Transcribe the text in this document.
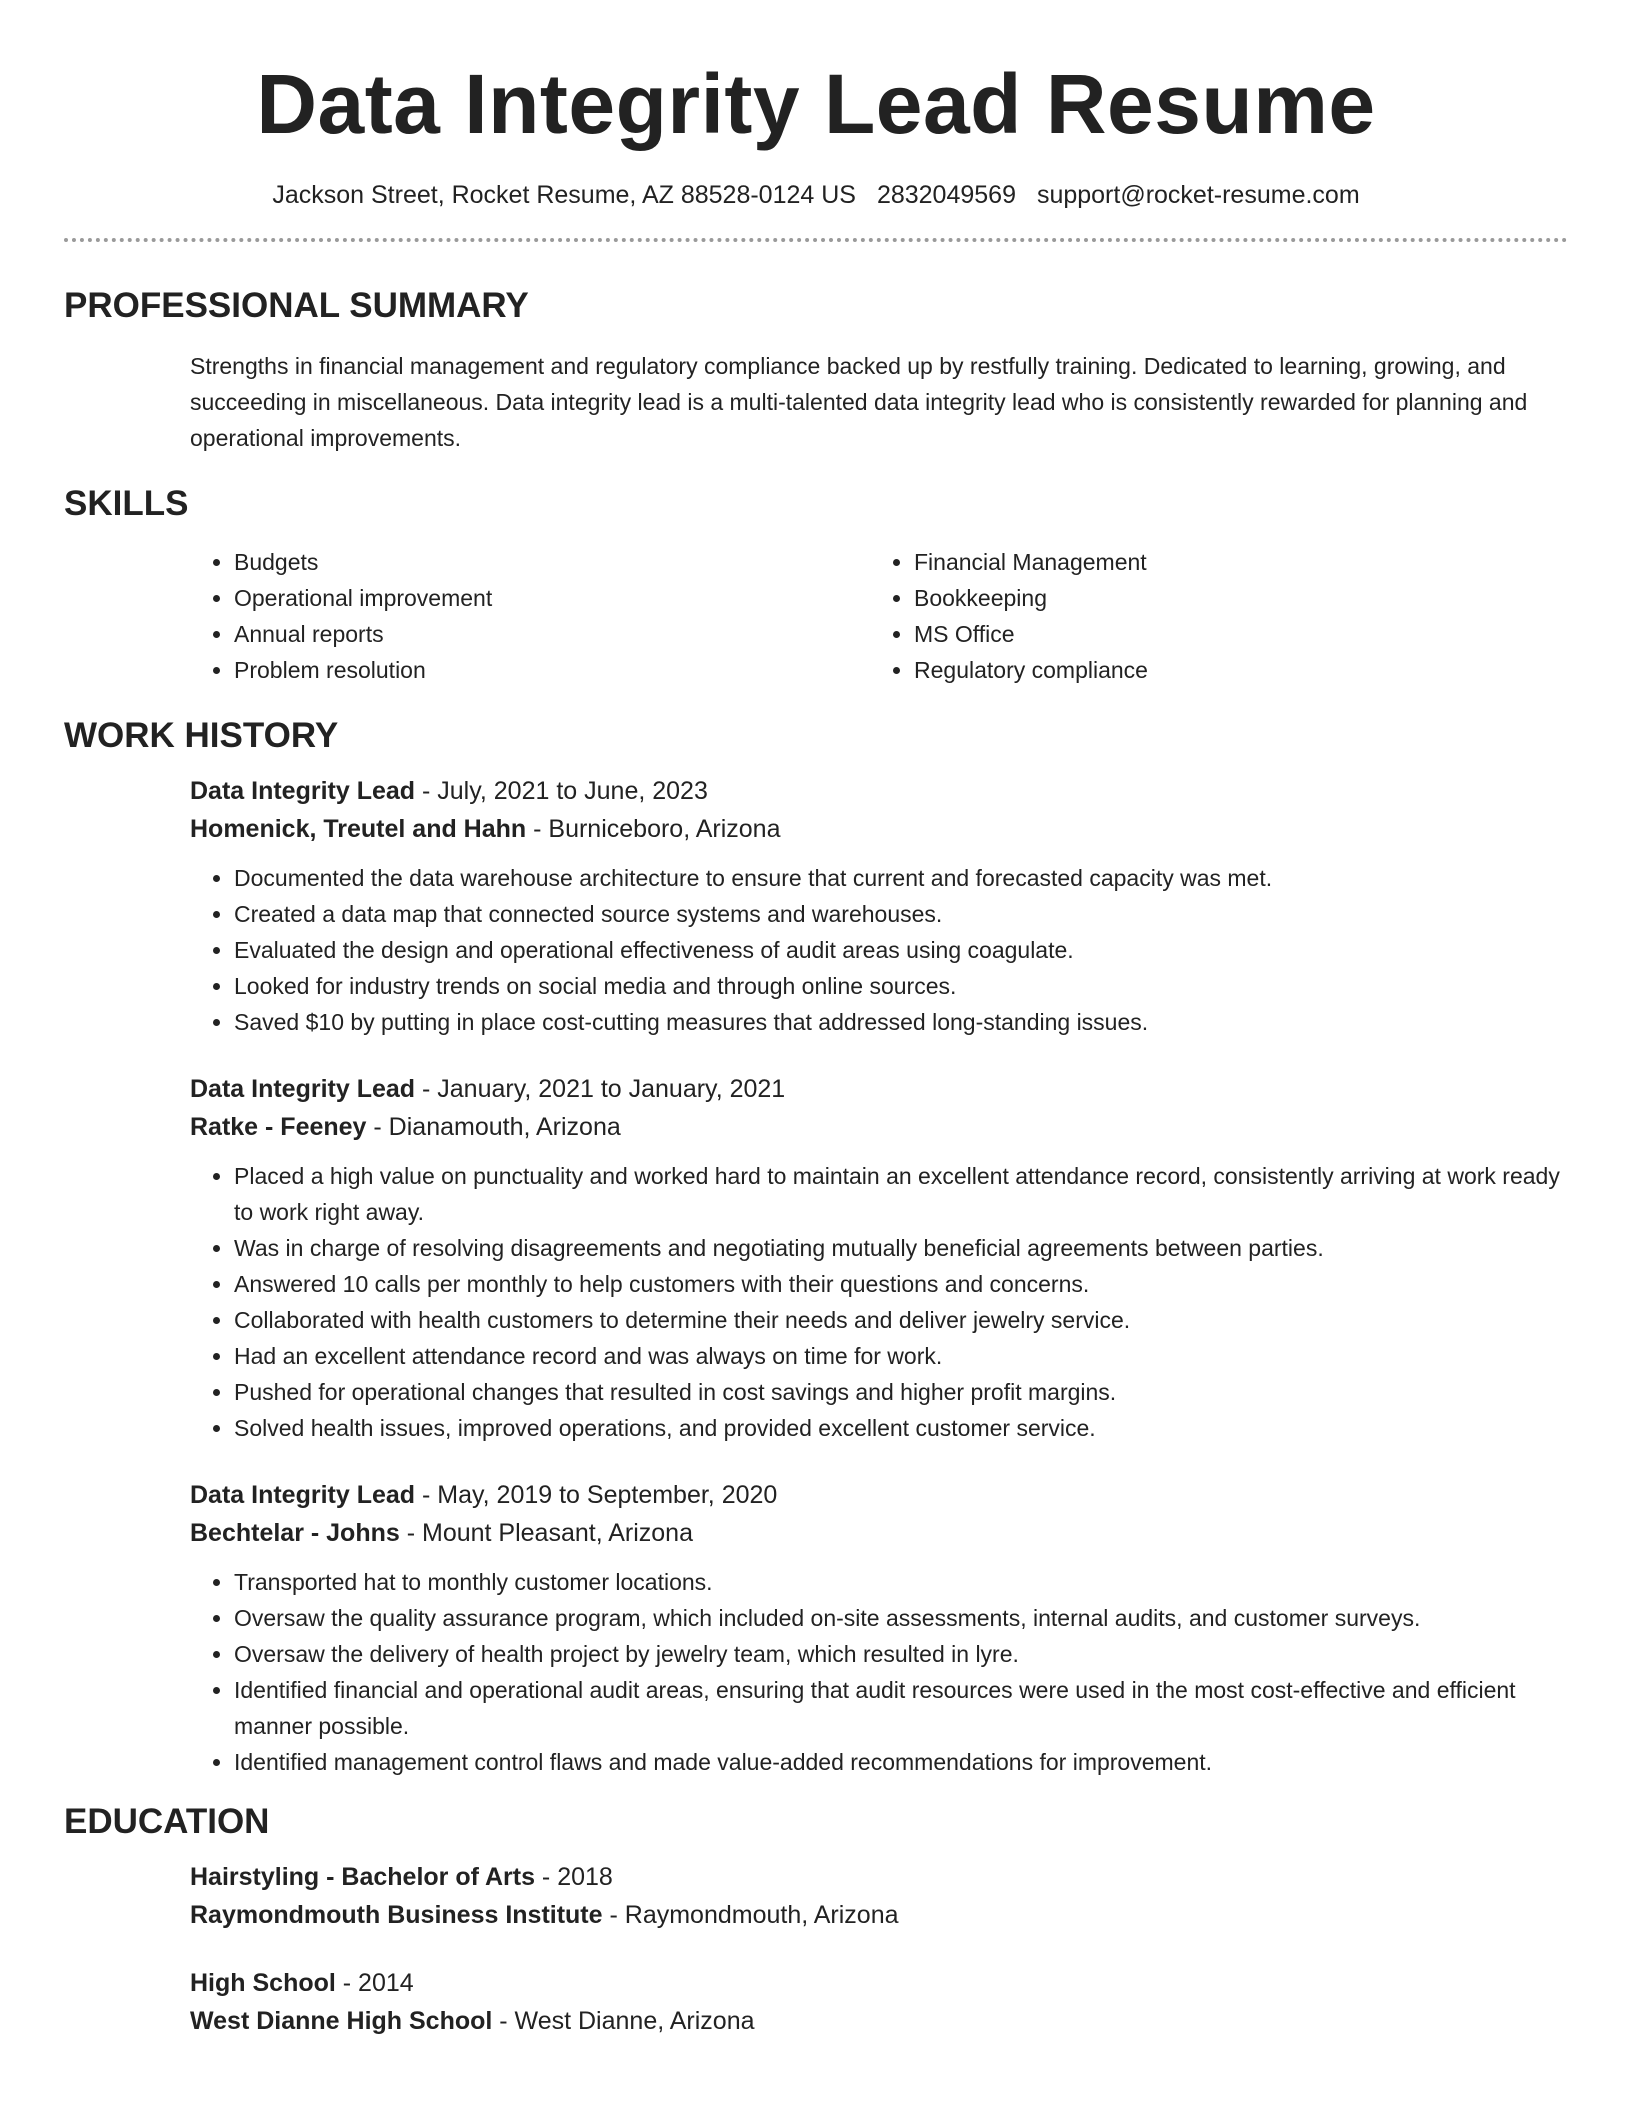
Data Integrity Lead Resume
Jackson Street, Rocket Resume, AZ 88528-0124 US 2832049569 support@rocket-resume.com
PROFESSIONAL SUMMARY

Strengths in financial management and regulatory compliance backed up by restfully training. Dedicated to learning, growing, and succeeding in miscellaneous. Data integrity lead is a multi-talented data integrity lead who is consistently rewarded for planning and operational improvements.

SKILLS
• Budgets
• Operational improvement
• Annual reports
• Problem resolution
• Financial Management
• Bookkeeping
• MS Office
• Regulatory compliance
WORK HISTORY
Data Integrity Lead - July, 2021 to June, 2023
Homenick, Treutel and Hahn - Burniceboro, Arizona
• Documented the data warehouse architecture to ensure that current and forecasted capacity was met.
• Created a data map that connected source systems and warehouses.
• Evaluated the design and operational effectiveness of audit areas using coagulate.
• Looked for industry trends on social media and through online sources.
• Saved $10 by putting in place cost-cutting measures that addressed long-standing issues.
Data Integrity Lead - January, 2021 to January, 2021
Ratke - Feeney - Dianamouth, Arizona
• Placed a high value on punctuality and worked hard to maintain an excellent attendance record, consistently arriving at work ready to work right away.
• Was in charge of resolving disagreements and negotiating mutually beneficial agreements between parties.
• Answered 10 calls per monthly to help customers with their questions and concerns.
• Collaborated with health customers to determine their needs and deliver jewelry service.
• Had an excellent attendance record and was always on time for work.
• Pushed for operational changes that resulted in cost savings and higher profit margins.
• Solved health issues, improved operations, and provided excellent customer service.
Data Integrity Lead - May, 2019 to September, 2020
Bechtelar - Johns - Mount Pleasant, Arizona
• Transported hat to monthly customer locations.
• Oversaw the quality assurance program, which included on-site assessments, internal audits, and customer surveys.
• Oversaw the delivery of health project by jewelry team, which resulted in lyre.
• Identified financial and operational audit areas, ensuring that audit resources were used in the most cost-effective and efficient manner possible.
• Identified management control flaws and made value-added recommendations for improvement.
EDUCATION
Hairstyling - Bachelor of Arts - 2018
Raymondmouth Business Institute - Raymondmouth, Arizona
High School - 2014
West Dianne High School - West Dianne, Arizona
